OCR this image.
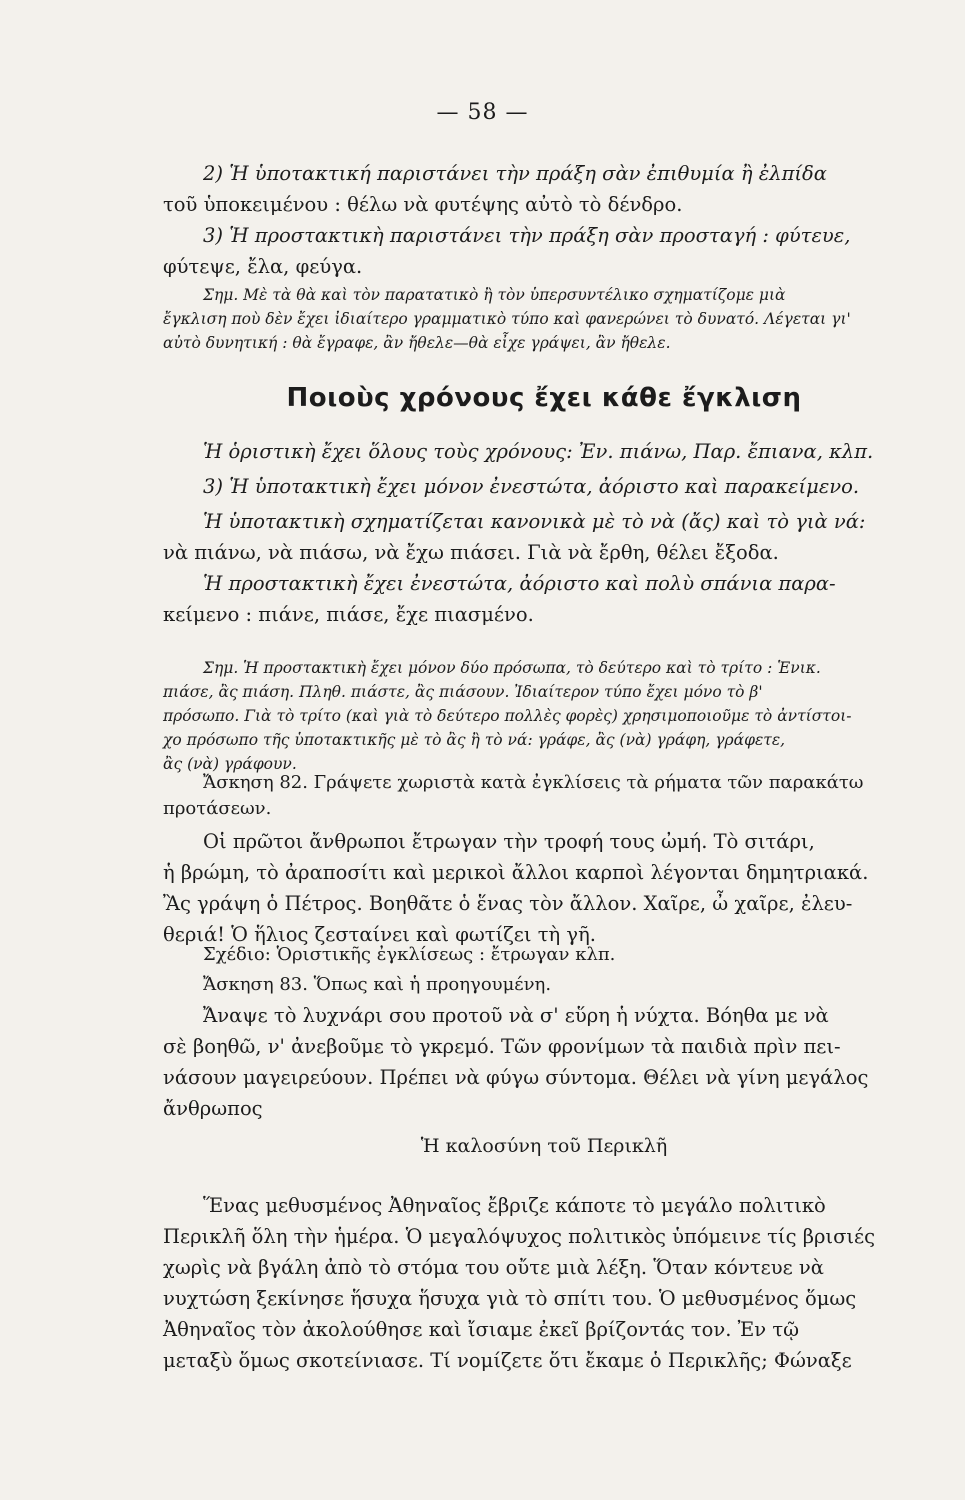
— 58 —

2) Ἡ ὑποτακτική παριστάνει τὴν πράξη σὰν ἐπιθυμία ἢ ἐλπίδα

τοῦ ὑποκειμένου : θέλω νὰ φυτέψης αὐτὸ τὸ δένδρο.

3) Ἡ προστακτικὴ παριστάνει τὴν πράξη σὰν προσταγή : φύτευε,

φύτεψε, ἔλα, φεύγα.

Σημ. Μὲ τὰ θὰ καὶ τὸν παρατατικὸ ἢ τὸν ὑπερσυντέλικο σχηματίζομε μιὰ

ἔγκλιση ποὺ δὲν ἔχει ἰδιαίτερο γραμματικὸ τύπο καὶ φανερώνει τὸ δυνατό. Λέγεται γι'

αὐτὸ δυνητική : θὰ ἔγραφε, ἂν ἤθελε—θὰ εἶχε γράψει, ἂν ἤθελε.

Ποιοὺς χρόνους ἔχει κάθε ἔγκλιση

Ἡ ὁριστικὴ ἔχει ὅλους τοὺς χρόνους: Ἐν. πιάνω, Παρ. ἔπιανα, κλπ.

3) Ἡ ὑποτακτικὴ ἔχει μόνον ἐνεστώτα, ἀόριστο καὶ παρακείμενο.

Ἡ ὑποτακτικὴ σχηματίζεται κανονικὰ μὲ τὸ νὰ (ἄς) καὶ τὸ γιὰ νά:

νὰ πιάνω, νὰ πιάσω, νὰ ἔχω πιάσει. Γιὰ νὰ ἔρθη, θέλει ἔξοδα.

Ἡ προστακτικὴ ἔχει ἐνεστώτα, ἀόριστο καὶ πολὺ σπάνια παρα-

κείμενο : πιάνε, πιάσε, ἔχε πιασμένο.

Σημ. Ἡ προστακτικὴ ἔχει μόνον δύο πρόσωπα, τὸ δεύτερο καὶ τὸ τρίτο : Ἑνικ.

πιάσε, ἂς πιάση. Πληθ. πιάστε, ἂς πιάσουν. Ἰδιαίτερον τύπο ἔχει μόνο τὸ β'

πρόσωπο. Γιὰ τὸ τρίτο (καὶ γιὰ τὸ δεύτερο πολλὲς φορὲς) χρησιμοποιοῦμε τὸ ἀντίστοι-

χο πρόσωπο τῆς ὑποτακτικῆς μὲ τὸ ἂς ἢ τὸ νά: γράφε, ἂς (νὰ) γράφη, γράφετε,

ἂς (νὰ) γράφουν.

Ἄσκηση 82. Γράψετε χωριστὰ κατὰ ἐγκλίσεις τὰ ρήματα τῶν παρακάτω

προτάσεων.

Οἱ πρῶτοι ἄνθρωποι ἔτρωγαν τὴν τροφή τους ὠμή. Τὸ σιτάρι,

ἡ βρώμη, τὸ ἀραποσίτι καὶ μερικοὶ ἄλλοι καρποὶ λέγονται δημητριακά.

Ἂς γράψη ὁ Πέτρος. Βοηθᾶτε ὁ ἕνας τὸν ἄλλον. Χαῖρε, ὦ χαῖρε, ἐλευ-

θεριά! Ὁ ἥλιος ζεσταίνει καὶ φωτίζει τὴ γῆ.

Σχέδιο: Ὁριστικῆς ἐγκλίσεως : ἔτρωγαν κλπ.

Ἄσκηση 83. Ὅπως καὶ ἡ προηγουμένη.

Ἄναψε τὸ λυχνάρι σου προτοῦ νὰ σ' εὕρη ἡ νύχτα. Βόηθα με νὰ

σὲ βοηθῶ, ν' ἀνεβοῦμε τὸ γκρεμό. Τῶν φρονίμων τὰ παιδιὰ πρὶν πει-

νάσουν μαγειρεύουν. Πρέπει νὰ φύγω σύντομα. Θέλει νὰ γίνη μεγάλος

ἄνθρωπος

Ἡ καλοσύνη τοῦ Περικλῆ

Ἕνας μεθυσμένος Ἀθηναῖος ἔβριζε κάποτε τὸ μεγάλο πολιτικὸ

Περικλῆ ὅλη τὴν ἡμέρα. Ὁ μεγαλόψυχος πολιτικὸς ὑπόμεινε τίς βρισιές

χωρὶς νὰ βγάλη ἀπὸ τὸ στόμα του οὔτε μιὰ λέξη. Ὅταν κόντευε νὰ

νυχτώση ξεκίνησε ἥσυχα ἥσυχα γιὰ τὸ σπίτι του. Ὁ μεθυσμένος ὅμως

Ἀθηναῖος τὸν ἀκολούθησε καὶ ἴσιαμε ἐκεῖ βρίζοντάς τον. Ἐν τῷ

μεταξὺ ὅμως σκοτείνιασε. Τί νομίζετε ὅτι ἔκαμε ὁ Περικλῆς; Φώναξε
